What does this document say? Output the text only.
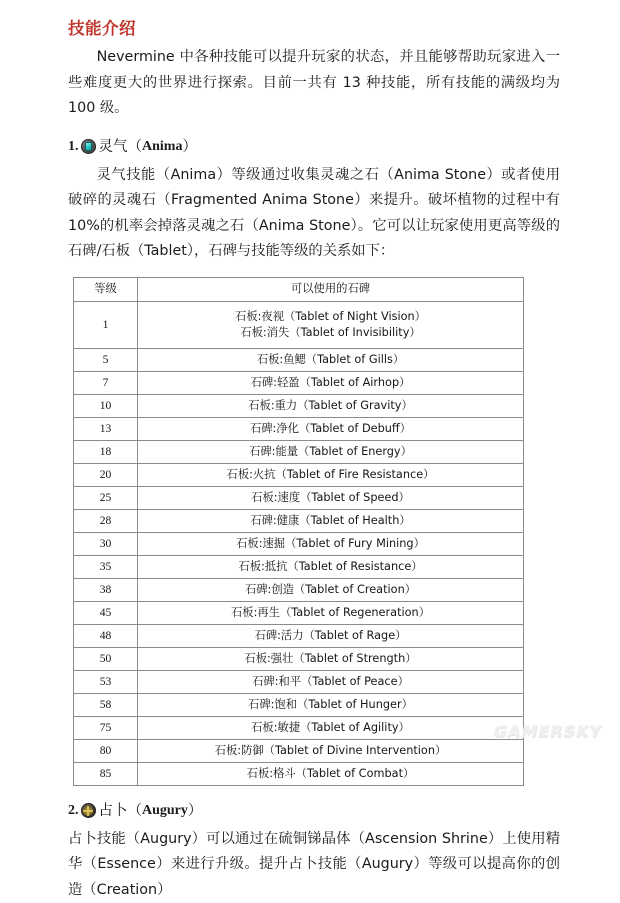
技能介绍

Nevermine 中各种技能可以提升玩家的状态，并且能够帮助玩家进入一些难度更大的世界进行探索。目前一共有 13 种技能，所有技能的满级均为 100 级。

1. 灵气 （ Anima ）

灵气技能（Anima）等级通过收集灵魂之石（Anima Stone）或者使用破碎的灵魂石（Fragmented Anima Stone）来提升。破坏植物的过程中有 10%的机率会掉落灵魂之石（Anima Stone）。它可以让玩家使用更高等级的石碑/石板（Tablet），石碑与技能等级的关系如下：

等级	可以使用的石碑
1	石板:夜视（Tablet of Night Vision）
石板:消失（Tablet of Invisibility）

5	石板:鱼鳃（Tablet of Gills）

7	石碑:轻盈（Tablet of Airhop）

10	石板:重力（Tablet of Gravity）

13	石碑:净化（Tablet of Debuff）

18	石碑:能量（Tablet of Energy）

20	石板:火抗（Tablet of Fire Resistance）

25	石板:速度（Tablet of Speed）

28	石碑:健康（Tablet of Health）

30	石板:速掘（Tablet of Fury Mining）

35	石板:抵抗（Tablet of Resistance）

38	石碑:创造（Tablet of Creation）

45	石板:再生（Tablet of Regeneration）

48	石碑:活力（Tablet of Rage）

50	石板:强壮（Tablet of Strength）

53	石碑:和平（Tablet of Peace）

58	石碑:饱和（Tablet of Hunger）

75	石板:敏捷（Tablet of Agility）

80	石板:防御（Tablet of Divine Intervention）

85	石板:格斗（Tablet of Combat）
2. 占卜 （ Augury ）

占卜技能（Augury）可以通过在硫铜锑晶体（Ascension Shrine）上使用精华（Essence）来进行升级。提升占卜技能（Augury）等级可以提高你的创造（Creation）

GAMERSKY
